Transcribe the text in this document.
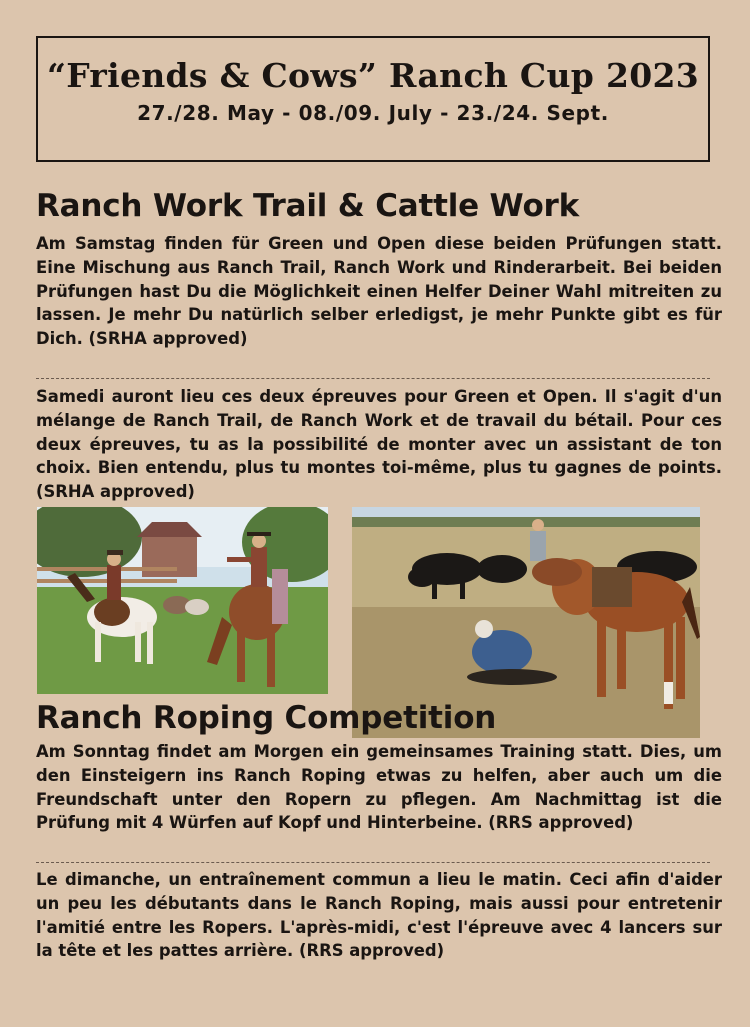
“Friends & Cows” Ranch Cup 2023
27./28. May - 08./09. July - 23./24. Sept.
Ranch Work Trail & Cattle Work

Am Samstag finden für Green und Open diese beiden Prüfungen statt. Eine Mischung aus Ranch Trail, Ranch Work und Rinderarbeit. Bei beiden Prüfungen hast Du die Möglichkeit einen Helfer Deiner Wahl mitreiten zu lassen. Je mehr Du natürlich selber erledigst, je mehr Punkte gibt es für Dich. (SRHA approved)

Samedi auront lieu ces deux épreuves pour Green et Open. Il s'agit d'un mélange de Ranch Trail, de Ranch Work et de travail du bétail. Pour ces deux épreuves, tu as la possibilité de monter avec un assistant de ton choix. Bien entendu, plus tu montes toi-même, plus tu gagnes de points. (SRHA approved)

Ranch Roping Competition

Am Sonntag findet am Morgen ein gemeinsames Training statt. Dies, um den Einsteigern ins Ranch Roping etwas zu helfen, aber auch um die Freundschaft unter den Ropern zu pflegen. Am Nachmittag ist die Prüfung mit 4 Würfen auf Kopf und Hinterbeine. (RRS approved)

Le dimanche, un entraînement commun a lieu le matin. Ceci afin d'aider un peu les débutants dans le Ranch Roping, mais aussi pour entretenir l'amitié entre les Ropers. L'après-midi, c'est l'épreuve avec 4 lancers sur la tête et les pattes arrière. (RRS approved)
